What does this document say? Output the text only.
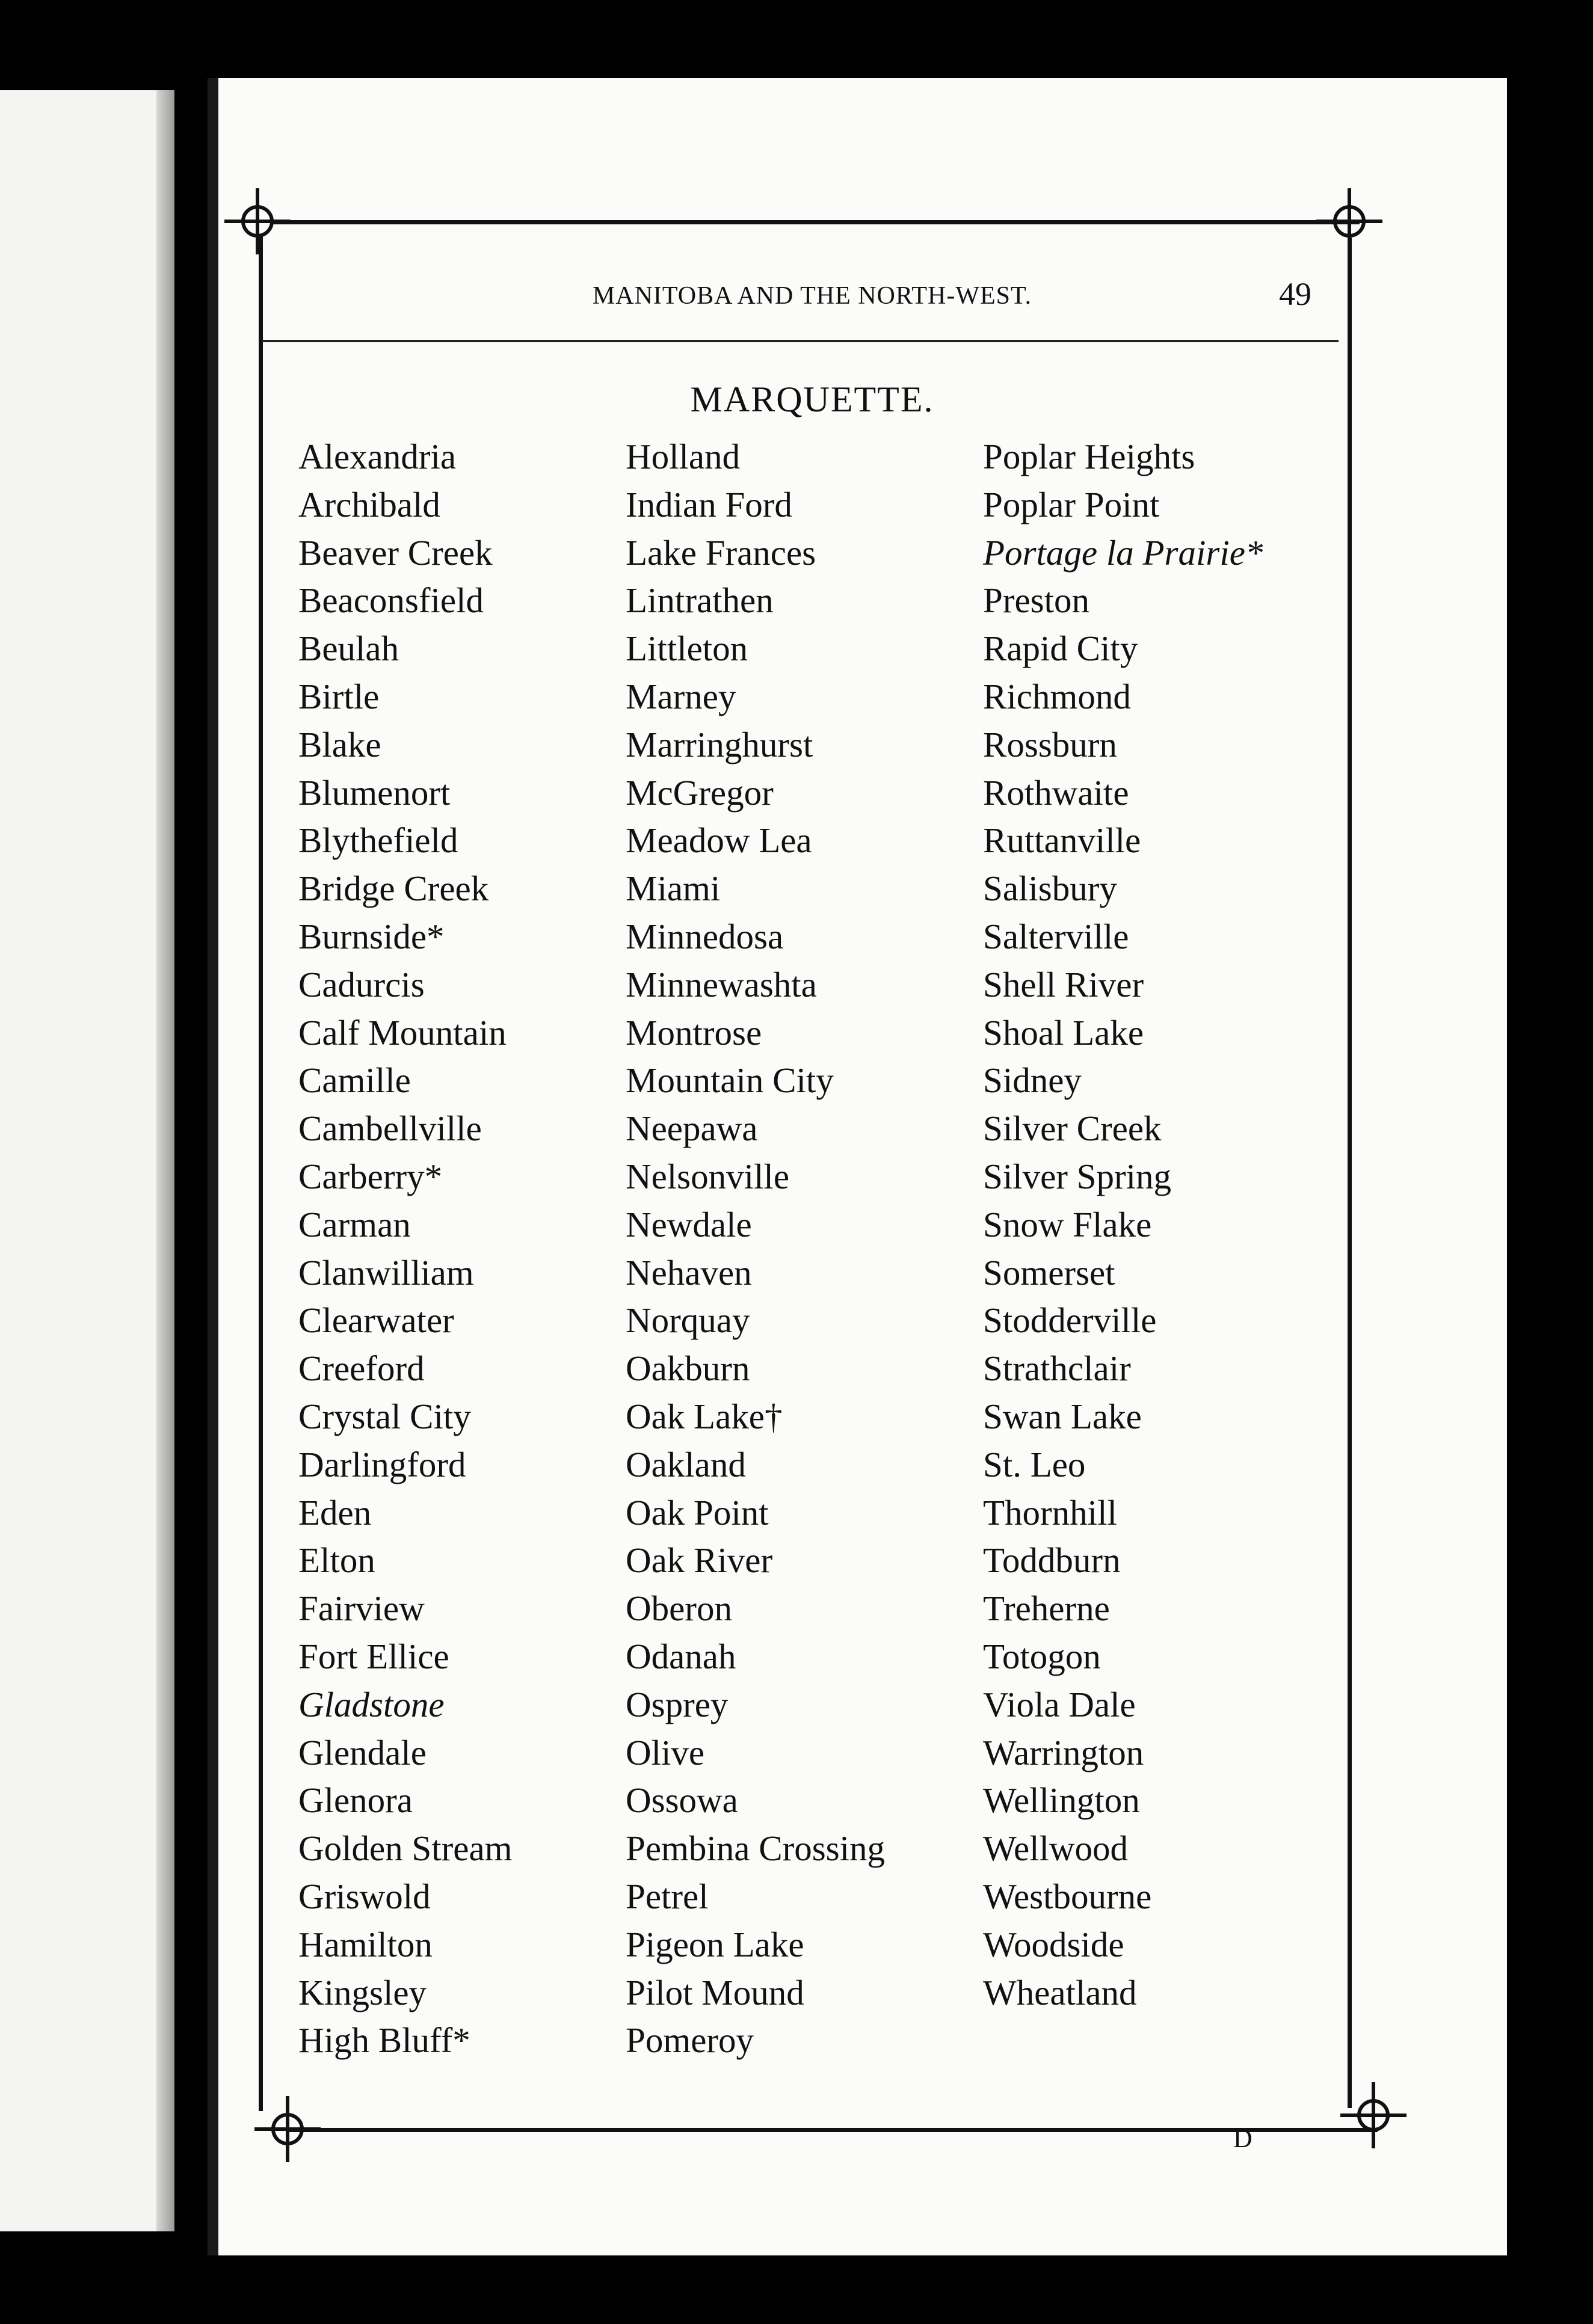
MANITOBA AND THE NORTH-WEST.	49
MARQUETTE.
Alexandria
Archibald
Beaver Creek
Beaconsfield
Beulah
Birtle
Blake
Blumenort
Blythefield
Bridge Creek
Burnside*
Cadurcis
Calf Mountain
Camille
Cambellville
Carberry*
Carman
Clanwilliam
Clearwater
Creeford
Crystal City
Darlingford
Eden
Elton
Fairview
Fort Ellice
Gladstone
Glendale
Glenora
Golden Stream
Griswold
Hamilton
Kingsley
High Bluff*
Holland
Indian Ford
Lake Frances
Lintrathen
Littleton
Marney
Marringhurst
McGregor
Meadow Lea
Miami
Minnedosa
Minnewashta
Montrose
Mountain City
Neepawa
Nelsonville
Newdale
Nehaven
Norquay
Oakburn
Oak Lake†
Oakland
Oak Point
Oak River
Oberon
Odanah
Osprey
Olive
Ossowa
Pembina Crossing
Petrel
Pigeon Lake
Pilot Mound
Pomeroy
Poplar Heights
Poplar Point
Portage la Prairie*
Preston
Rapid City
Richmond
Rossburn
Rothwaite
Ruttanville
Salisbury
Salterville
Shell River
Shoal Lake
Sidney
Silver Creek
Silver Spring
Snow Flake
Somerset
Stodderville
Strathclair
Swan Lake
St. Leo
Thornhill
Toddburn
Treherne
Totogon
Viola Dale
Warrington
Wellington
Wellwood
Westbourne
Woodside
Wheatland
D
